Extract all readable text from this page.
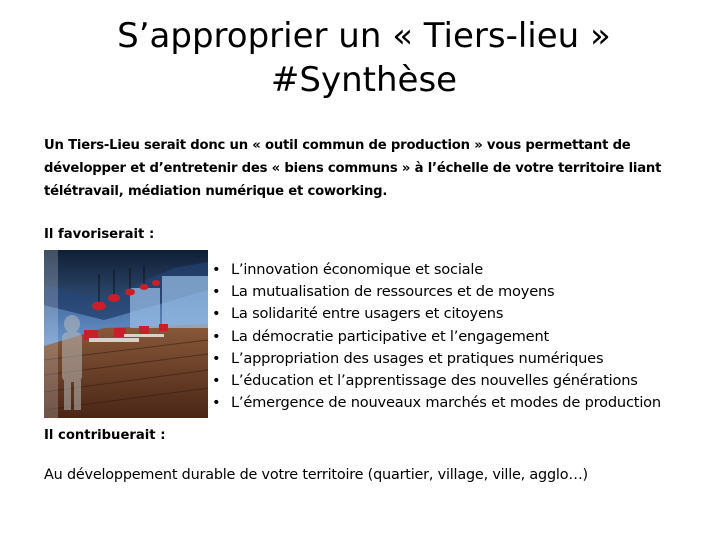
S’approprier un « Tiers-lieu »
#Synthèse

Un Tiers-Lieu serait donc un « outil commun de production » vous permettant de développer et d’entretenir des « biens communs » à l’échelle de votre territoire liant télétravail, médiation numérique et coworking.

Il favoriserait :

• L’innovation économique et sociale
• La mutualisation de ressources et de moyens
• La solidarité entre usagers et citoyens
• La démocratie participative et l’engagement
• L’appropriation des usages et pratiques numériques
• L’éducation et l’apprentissage des nouvelles générations
• L’émergence de nouveaux marchés et modes de production

Il contribuerait :

Au développement durable de votre territoire (quartier, village, ville, agglo…)
